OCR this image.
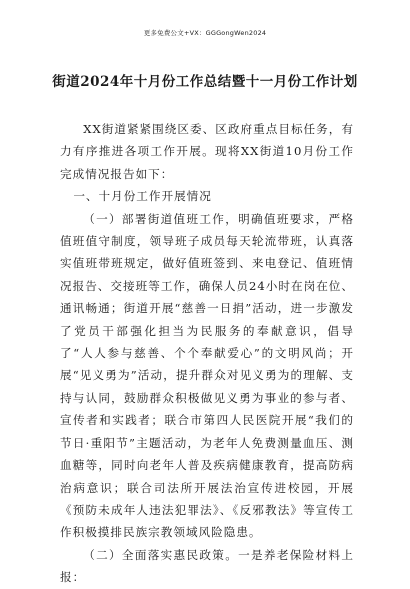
更多免费公文+VX：GGGongWen2024
街道2024年十月份工作总结暨十一月份工作计划

XX街道紧紧围绕区委、区政府重点目标任务，有力有序推进各项工作开展。现将XX街道10月份工作完成情况报告如下：

一、十月份工作开展情况

（一）部署街道值班工作，明确值班要求，严格值班值守制度，领导班子成员每天轮流带班，认真落实值班带班规定，做好值班签到、来电登记、值班情况报告、交接班等工作，确保人员24小时在岗在位、通讯畅通；街道开展“慈善一日捐”活动，进一步激发了党员干部强化担当为民服务的奉献意识，倡导了“人人参与慈善、个个奉献爱心”的文明风尚；开展“见义勇为”活动，提升群众对见义勇为的理解、支持与认同，鼓励群众积极做见义勇为事业的参与者、宣传者和实践者；联合市第四人民医院开展“我们的节日·重阳节”主题活动，为老年人免费测量血压、测血糖等，同时向老年人普及疾病健康教育，提高防病治病意识；联合司法所开展法治宣传进校园，开展《预防未成年人违法犯罪法》、《反邪教法》等宣传工作积极摸排民族宗教领域风险隐患。

（二）全面落实惠民政策。一是养老保险材料上报：
